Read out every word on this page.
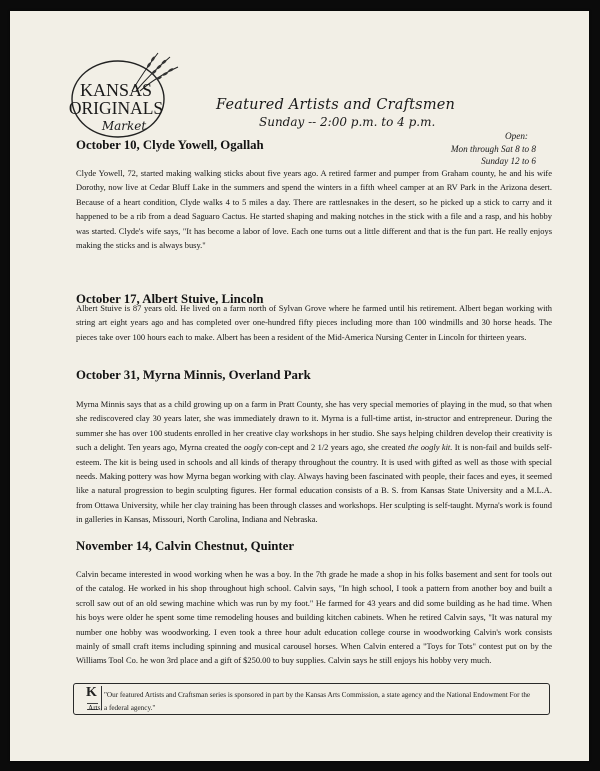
KANSAS
ORIGINALS
Market
Featured Artists and Craftsmen
Sunday -- 2:00 p.m. to 4 p.m.
Open:
Mon through Sat 8 to 8
Sunday 12 to 6
October 10, Clyde Yowell, Ogallah
Clyde Yowell, 72, started making walking sticks about five years ago. A retired farmer and pumper from Graham county, he and his wife Dorothy, now live at Cedar Bluff Lake in the summers and spend the winters in a fifth wheel camper at an RV Park in the Arizona desert. Because of a heart condition, Clyde walks 4 to 5 miles a day. There are rattlesnakes in the desert, so he picked up a stick to carry and it happened to be a rib from a dead Saguaro Cactus. He started shaping and making notches in the stick with a file and a rasp, and his hobby was started. Clyde's wife says, "It has become a labor of love. Each one turns out a little different and that is the fun part. He really enjoys making the sticks and is always busy."
October 17, Albert Stuive, Lincoln
Albert Stuive is 87 years old. He lived on a farm north of Sylvan Grove where he farmed until his retirement. Albert began working with string art eight years ago and has completed over one-hundred fifty pieces including more than 100 windmills and 30 horse heads. The pieces take over 100 hours each to make. Albert has been a resident of the Mid-America Nursing Center in Lincoln for thirteen years.
October 31, Myrna Minnis, Overland Park
Myrna Minnis says that as a child growing up on a farm in Pratt County, she has very special memories of playing in the mud, so that when she rediscovered clay 30 years later, she was immediately drawn to it. Myrna is a full-time artist, in-structor and entrepreneur. During the summer she has over 100 students enrolled in her creative clay workshops in her studio. She says helping children develop their creativity is such a delight. Ten years ago, Myrna created the oogly con-cept and 2 1/2 years ago, she created the oogly kit. It is non-fail and builds self-esteem. The kit is being used in schools and all kinds of therapy throughout the country. It is used with gifted as well as those with special needs. Making pottery was how Myrna began working with clay. Always having been fascinated with people, their faces and eyes, it seemed like a natural progression to begin sculpting figures. Her formal education consists of a B. S. from Kansas State University and a M.L.A. from Ottawa University, while her clay training has been through classes and workshops. Her sculpting is self-taught. Myrna's work is found in galleries in Kansas, Missouri, North Carolina, Indiana and Nebraska.
November 14, Calvin Chestnut, Quinter
Calvin became interested in wood working when he was a boy. In the 7th grade he made a shop in his folks basement and sent for tools out of the catalog. He worked in his shop throughout high school. Calvin says, "In high school, I took a pattern from another boy and built a scroll saw out of an old sewing machine which was run by my foot." He farmed for 43 years and did some building as he had time. When his boys were older he spent some time remodeling houses and building kitchen cabinets. When he retired Calvin says, "It was natural my number one hobby was woodworking. I even took a three hour adult education college course in woodworking Calvin's work consists mainly of small craft items including spinning and musical carousel horses. When Calvin entered a "Toys for Tots" contest put on by the Williams Tool Co. he won 3rd place and a gift of $250.00 to buy supplies. Calvin says he still enjoys his hobby very much.
K "Our featured Artists and Craftsman series is sponsored in part by the Kansas Arts Commission, a state agency and the National Endowment For the Arts, a federal agency."
